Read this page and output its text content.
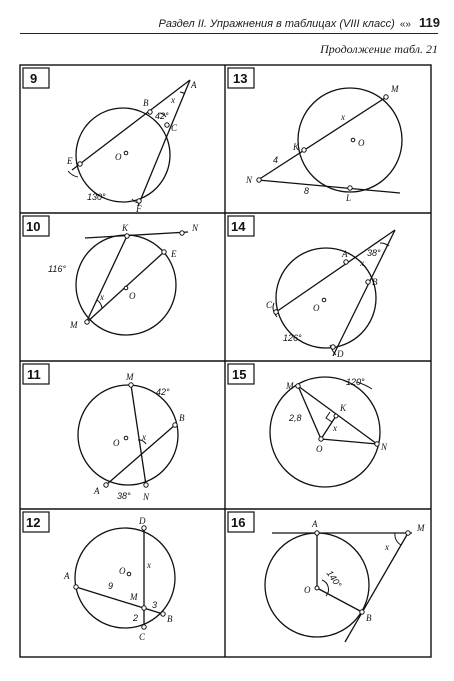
Раздел II. Упражнения в таблицах (VIII класс) «» 119
Продолжение табл. 21
9	A
B
C
E
F
O
42°
130°
x
13
M
K	O
N
L
4
8
x
10	K	N
E
O
M
116°
x
14
A
B
C
D
O
38°
126°
x
11	M
B
O
A
N
42°
38°
x
15
M
K
O	N
2,8
120°
x
12	D
A	O
M
B
C
9
3
2
x
16	A	M
O
B
140°
x
